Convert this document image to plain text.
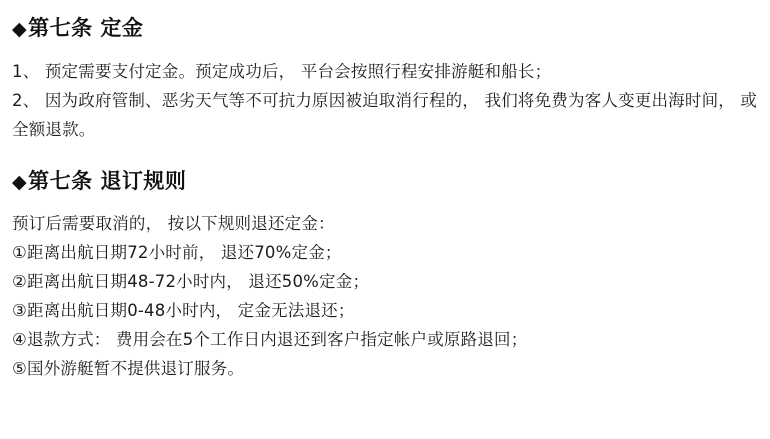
◆ 第七条 定金
1、 预定需要支付定金。预定成功后， 平台会按照行程安排游艇和船长；
2、 因为政府管制、恶劣天气等不可抗力原因被迫取消行程的， 我们将免费为客人变更出海时间， 或全额退款。
◆ 第七条 退订规则
预订后需要取消的， 按以下规则退还定金：
①距离出航日期72小时前， 退还70%定金；
②距离出航日期48-72小时内， 退还50%定金；
③距离出航日期0-48小时内， 定金无法退还；
④退款方式： 费用会在5个工作日内退还到客户指定帐户或原路退回；
⑤国外游艇暂不提供退订服务。
